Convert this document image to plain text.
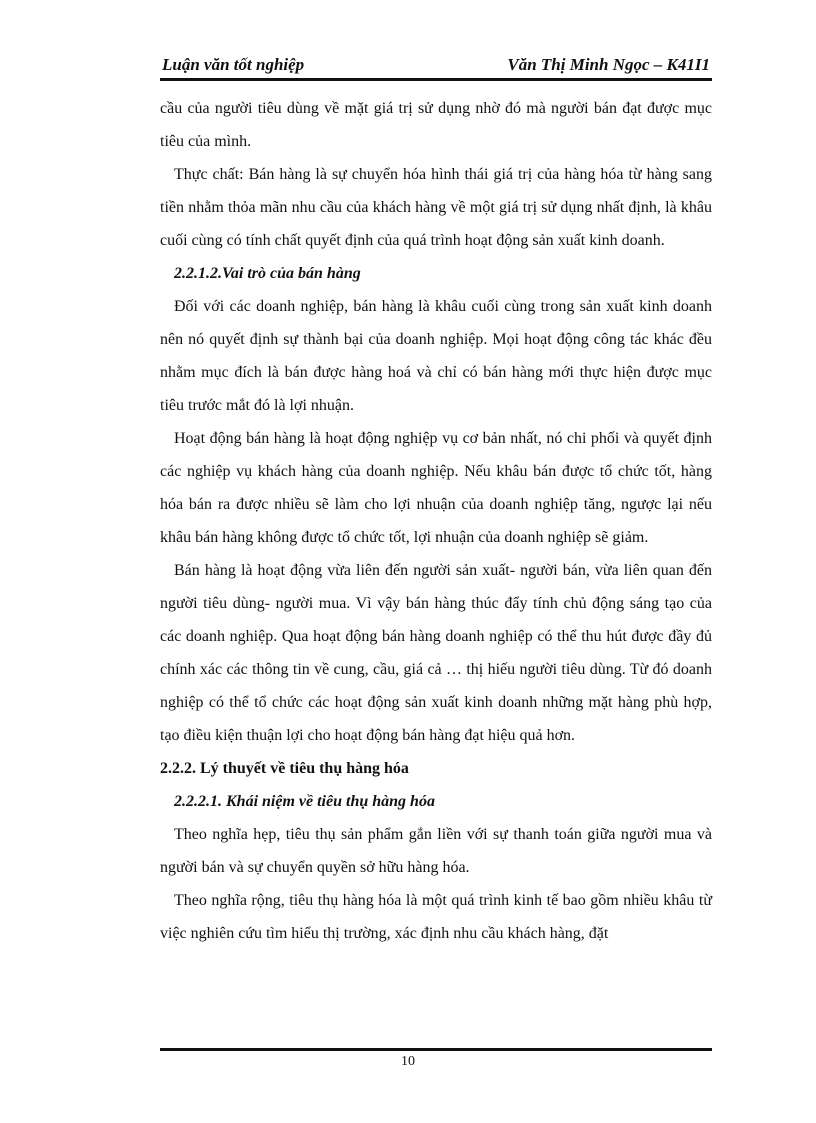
Luận văn tốt nghiệp	Văn Thị Minh Ngọc – K41I1

cầu của người tiêu dùng về mặt giá trị sử dụng nhờ đó mà người bán đạt được mục tiêu của mình.

Thực chất: Bán hàng là sự chuyển hóa hình thái giá trị của hàng hóa từ hàng sang tiền nhằm thỏa mãn nhu cầu của khách hàng về một giá trị sử dụng nhất định, là khâu cuối cùng có tính chất quyết định của quá trình hoạt động sản xuất kinh doanh.

2.2.1.2.Vai trò của bán hàng

Đối với các doanh nghiệp, bán hàng là khâu cuối cùng trong sản xuất kinh doanh nên nó quyết định sự thành bại của doanh nghiệp. Mọi hoạt động công tác khác đều nhằm mục đích là bán được hàng hoá và chỉ có bán hàng mới thực hiện được mục tiêu trước mắt đó là lợi nhuận.

Hoạt động bán hàng là hoạt động nghiệp vụ cơ bản nhất, nó chi phối và quyết định các nghiệp vụ khách hàng của doanh nghiệp. Nếu khâu bán được tổ chức tốt, hàng hóa bán ra được nhiều sẽ làm cho lợi nhuận của doanh nghiệp tăng, ngược lại nếu khâu bán hàng không được tổ chức tốt, lợi nhuận của doanh nghiệp sẽ giảm.

Bán hàng là hoạt động vừa liên đến người sản xuất- người bán, vừa liên quan đến người tiêu dùng- người mua. Vì vậy bán hàng thúc đẩy tính chủ động sáng tạo của các doanh nghiệp. Qua hoạt động bán hàng doanh nghiệp có thể thu hút được đầy đủ chính xác các thông tin về cung, cầu, giá cả … thị hiếu người tiêu dùng. Từ đó doanh nghiệp có thể tổ chức các hoạt động sản xuất kinh doanh những mặt hàng phù hợp, tạo điều kiện thuận lợi cho hoạt động bán hàng đạt hiệu quả hơn.

2.2.2. Lý thuyết về tiêu thụ hàng hóa

2.2.2.1. Khái niệm về tiêu thụ hàng hóa

Theo nghĩa hẹp, tiêu thụ sản phẩm gắn liền với sự thanh toán giữa người mua và người bán và sự chuyển quyền sở hữu hàng hóa.

Theo nghĩa rộng, tiêu thụ hàng hóa là một quá trình kinh tế bao gồm nhiều khâu từ việc nghiên cứu tìm hiểu thị trường, xác định nhu cầu khách hàng, đặt

10
